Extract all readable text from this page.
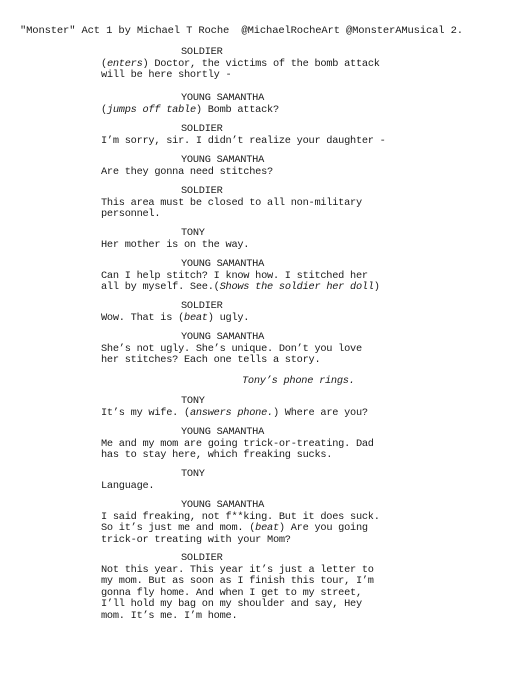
"Monster" Act 1 by Michael T Roche  @MichaelRocheArt @MonsterAMusical 2.
Tony’s phone rings.
SOLDIER
(enters) Doctor, the victims of the bomb attack
will be here shortly -
YOUNG SAMANTHA
(jumps off table) Bomb attack?
SOLDIER
I’m sorry, sir. I didn’t realize your daughter -
YOUNG SAMANTHA
Are they gonna need stitches?
SOLDIER
This area must be closed to all non-military
personnel.
TONY
Her mother is on the way.
YOUNG SAMANTHA
Can I help stitch? I know how. I stitched her
all by myself. See.(Shows the soldier her doll)
SOLDIER
Wow. That is (beat) ugly.
YOUNG SAMANTHA
She’s not ugly. She’s unique. Don’t you love
her stitches? Each one tells a story.
TONY
It’s my wife. (answers phone.) Where are you?
YOUNG SAMANTHA
Me and my mom are going trick-or-treating. Dad
has to stay here, which freaking sucks.
TONY
Language.
YOUNG SAMANTHA
I said freaking, not f**king. But it does suck.
So it’s just me and mom. (beat) Are you going
trick-or treating with your Mom?
SOLDIER
Not this year. This year it’s just a letter to
my mom. But as soon as I finish this tour, I’m
gonna fly home. And when I get to my street,
I’ll hold my bag on my shoulder and say, Hey
mom. It’s me. I’m home.
